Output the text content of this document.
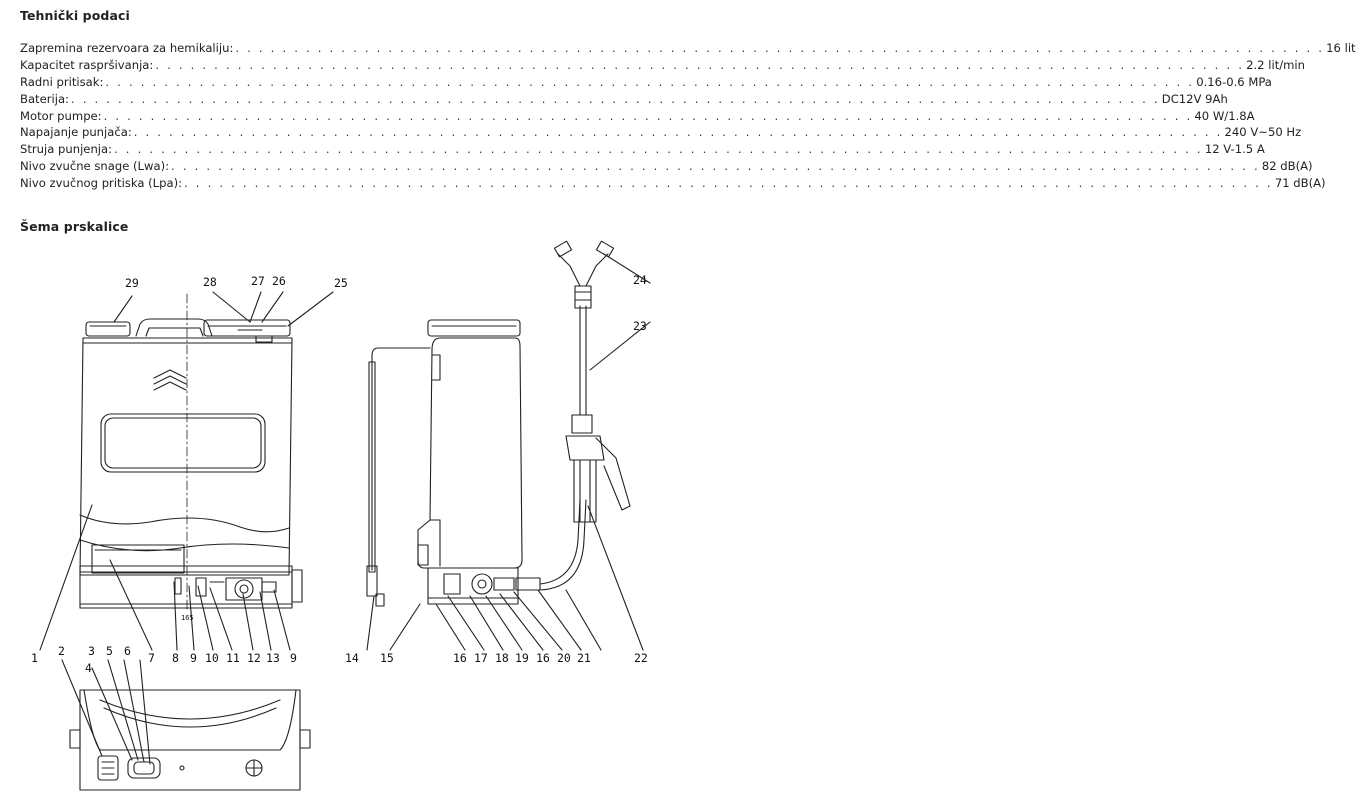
Tehnički podaci
Zapremina rezervoara za hemikaliju: . . . . . . . . . . . . . . . . . . . . . . . . . . . . . . . . . . . . . . . . . . . . . . . . . . . . . . . . . . . . . . . . . . . . . . . . . . . . . . . . . . . . . . . . . . . . . 16 lit
Kapacitet raspršivanja: . . . . . . . . . . . . . . . . . . . . . . . . . . . . . . . . . . . . . . . . . . . . . . . . . . . . . . . . . . . . . . . . . . . . . . . . . . . . . . . . . . . . . . . . . . . . . 2.2 lit/min
Radni pritisak: . . . . . . . . . . . . . . . . . . . . . . . . . . . . . . . . . . . . . . . . . . . . . . . . . . . . . . . . . . . . . . . . . . . . . . . . . . . . . . . . . . . . . . . . . . . . . 0.16-0.6 MPa
Baterija: . . . . . . . . . . . . . . . . . . . . . . . . . . . . . . . . . . . . . . . . . . . . . . . . . . . . . . . . . . . . . . . . . . . . . . . . . . . . . . . . . . . . . . . . . . . . . DC12V 9Ah
Motor pumpe: . . . . . . . . . . . . . . . . . . . . . . . . . . . . . . . . . . . . . . . . . . . . . . . . . . . . . . . . . . . . . . . . . . . . . . . . . . . . . . . . . . . . . . . . . . . . . 40 W/1.8A
Napajanje punjača: . . . . . . . . . . . . . . . . . . . . . . . . . . . . . . . . . . . . . . . . . . . . . . . . . . . . . . . . . . . . . . . . . . . . . . . . . . . . . . . . . . . . . . . . . . . . . 240 V~50 Hz
Struja punjenja: . . . . . . . . . . . . . . . . . . . . . . . . . . . . . . . . . . . . . . . . . . . . . . . . . . . . . . . . . . . . . . . . . . . . . . . . . . . . . . . . . . . . . . . . . . . . . 12 V-1.5 A
Nivo zvučne snage (Lwa): . . . . . . . . . . . . . . . . . . . . . . . . . . . . . . . . . . . . . . . . . . . . . . . . . . . . . . . . . . . . . . . . . . . . . . . . . . . . . . . . . . . . . . . . . . . . . 82 dB(A)
Nivo zvučnog pritiska (Lpa): . . . . . . . . . . . . . . . . . . . . . . . . . . . . . . . . . . . . . . . . . . . . . . . . . . . . . . . . . . . . . . . . . . . . . . . . . . . . . . . . . . . . . . . . . . . . . 71 dB(A)
Šema prskalice
29	28	27 26	25	24
23
165
1	7 8 9 10 11 12 13 9	14 15	16 17 18 19 16 20 21	22
2
4
3 5 6
